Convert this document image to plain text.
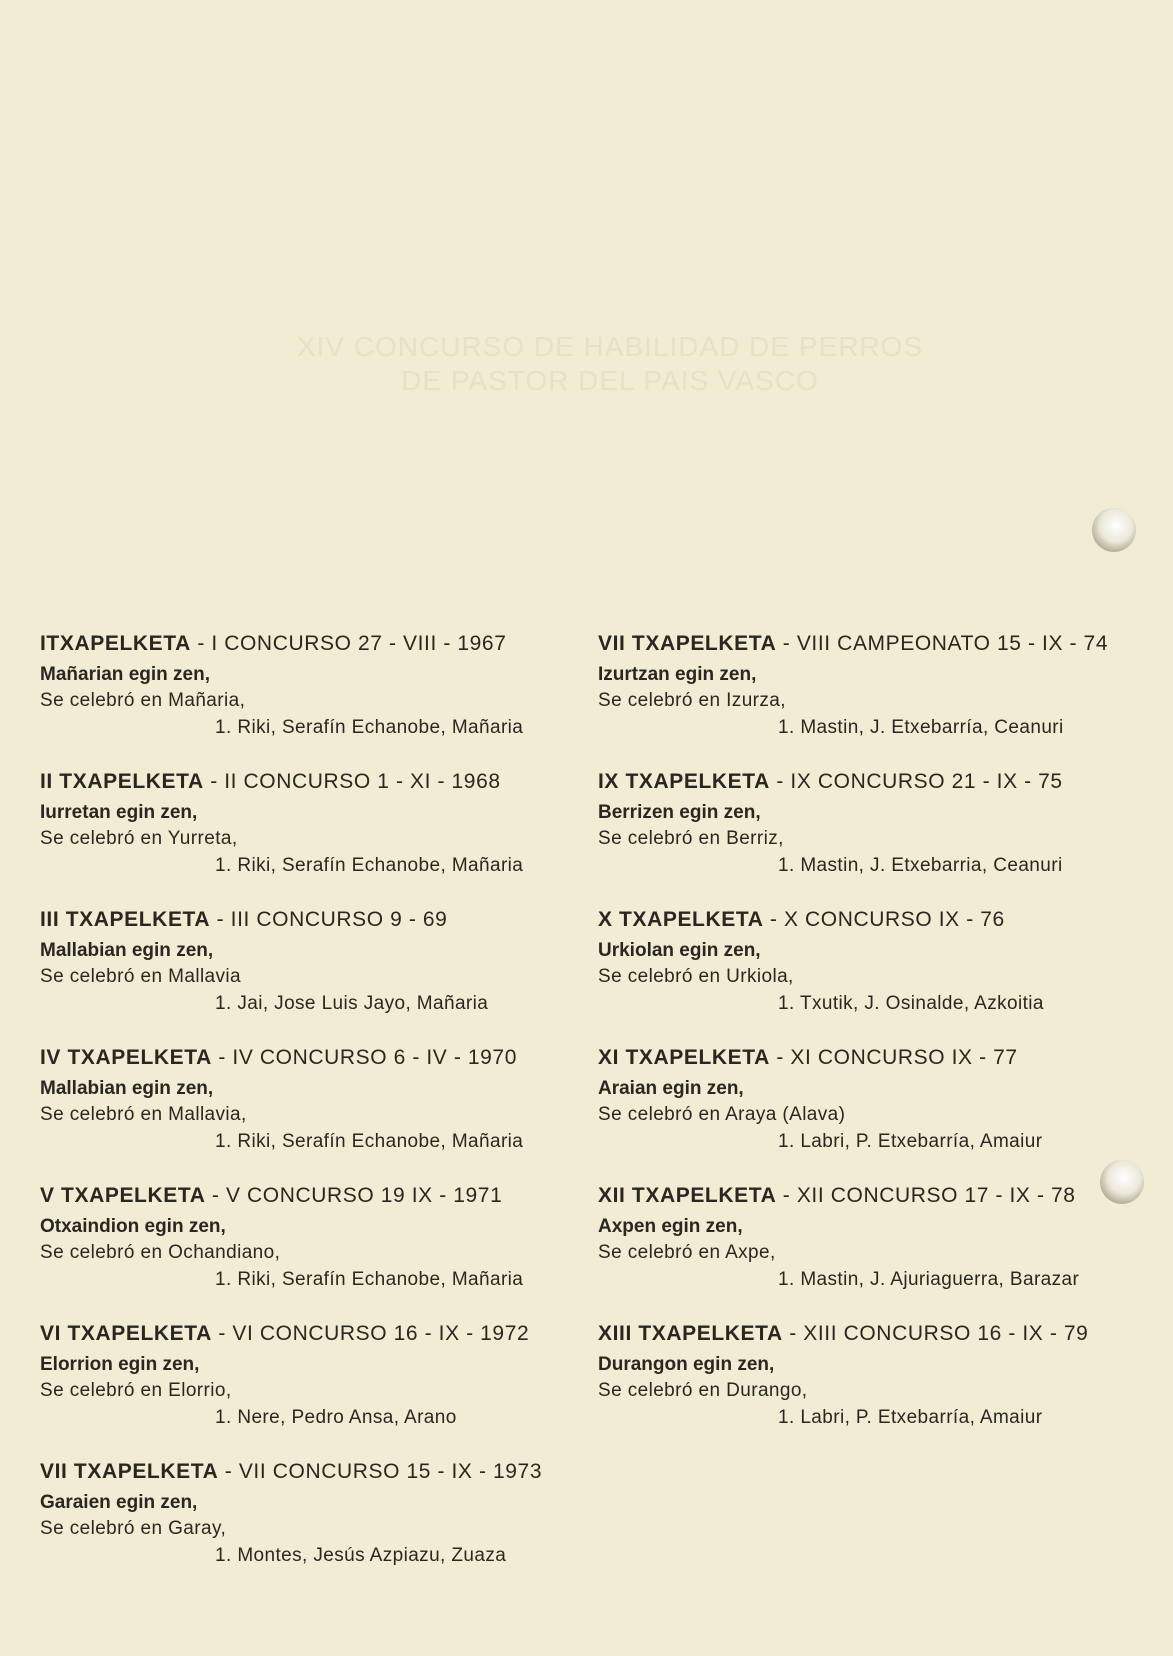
XIV CONCURSO DE HABILIDAD DE PERROS
DE PASTOR DEL PAIS VASCO
ITXAPELKETA - I CONCURSO 27 - VIII - 1967
Mañarian egin zen,
Se celebró en Mañaria,
1. Riki, Serafín Echanobe, Mañaria
II TXAPELKETA - II CONCURSO 1 - XI - 1968
Iurretan egin zen,
Se celebró en Yurreta,
1. Riki, Serafín Echanobe, Mañaria
III TXAPELKETA - III CONCURSO 9 - 69
Mallabian egin zen,
Se celebró en Mallavia
1. Jai, Jose Luis Jayo, Mañaria
IV TXAPELKETA - IV CONCURSO 6 - IV - 1970
Mallabian egin zen,
Se celebró en Mallavia,
1. Riki, Serafín Echanobe, Mañaria
V TXAPELKETA - V CONCURSO 19 IX - 1971
Otxaindion egin zen,
Se celebró en Ochandiano,
1. Riki, Serafín Echanobe, Mañaria
VI TXAPELKETA - VI CONCURSO 16 - IX - 1972
Elorrion egin zen,
Se celebró en Elorrio,
1. Nere, Pedro Ansa, Arano
VII TXAPELKETA - VII CONCURSO 15 - IX - 1973
Garaien egin zen,
Se celebró en Garay,
1. Montes, Jesús Azpiazu, Zuaza
VII TXAPELKETA - VIII CAMPEONATO 15 - IX - 74
Izurtzan egin zen,
Se celebró en Izurza,
1. Mastin, J. Etxebarría, Ceanuri
IX TXAPELKETA - IX CONCURSO 21 - IX - 75
Berrizen egin zen,
Se celebró en Berriz,
1. Mastin, J. Etxebarria, Ceanuri
X TXAPELKETA - X CONCURSO IX - 76
Urkiolan egin zen,
Se celebró en Urkiola,
1. Txutik, J. Osinalde, Azkoitia
XI TXAPELKETA - XI CONCURSO IX - 77
Araian egin zen,
Se celebró en Araya (Alava)
1. Labri, P. Etxebarría, Amaiur
XII TXAPELKETA - XII CONCURSO 17 - IX - 78
Axpen egin zen,
Se celebró en Axpe,
1. Mastin, J. Ajuriaguerra, Barazar
XIII TXAPELKETA - XIII CONCURSO 16 - IX - 79
Durangon egin zen,
Se celebró en Durango,
1. Labri, P. Etxebarría, Amaiur
